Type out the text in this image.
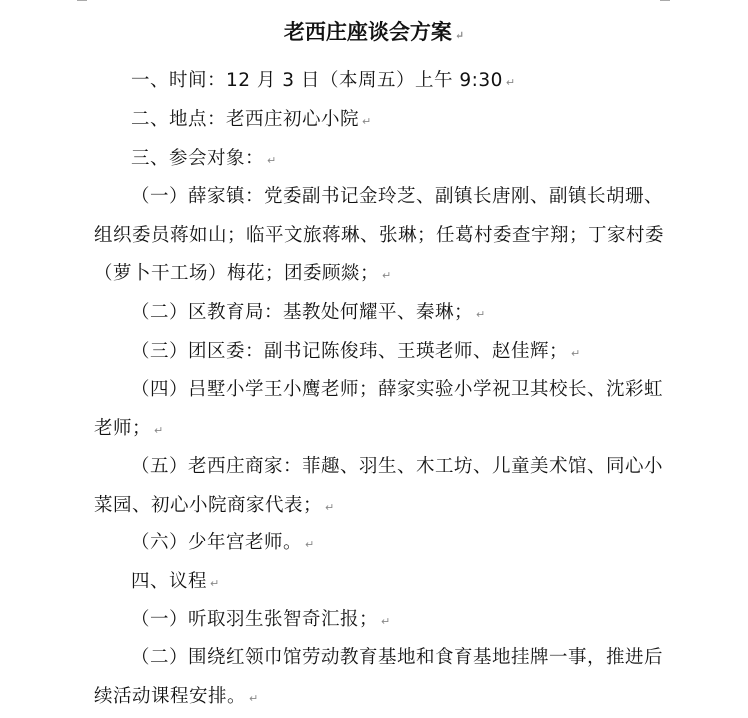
老西庄座谈会方案 ↵
一、时间：12 月 3 日（本周五）上午 9:30 ↵
二、地点：老西庄初心小院 ↵
三、参会对象： ↵
（一）薛家镇：党委副书记金玲芝、副镇长唐刚、副镇长胡珊、组织委员蒋如山；临平文旅蒋琳、张琳；任葛村委查宇翔；丁家村委（萝卜干工场）梅花；团委顾燚； ↵
（二）区教育局：基教处何耀平、秦琳； ↵
（三）团区委：副书记陈俊玮、王瑛老师、赵佳辉； ↵
（四）吕墅小学王小鹰老师；薛家实验小学祝卫其校长、沈彩虹老师； ↵
（五）老西庄商家：菲趣、羽生、木工坊、儿童美术馆、同心小菜园、初心小院商家代表； ↵
（六）少年宫老师。 ↵
四、议程 ↵
（一）听取羽生张智奇汇报； ↵
（二）围绕红领巾馆劳动教育基地和食育基地挂牌一事，推进后续活动课程安排。 ↵
